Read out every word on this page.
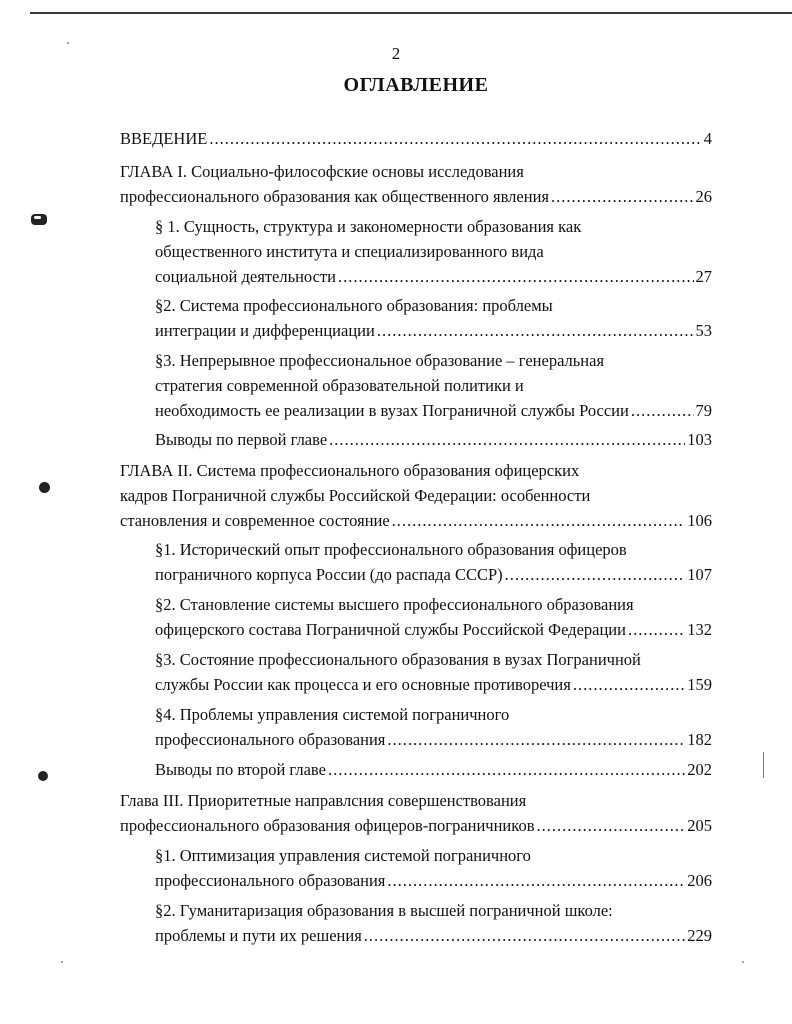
2
ОГЛАВЛЕНИЕ
ВВЕДЕНИЕ .....	4
ГЛАВА I. Социально-философские основы исследования
профессионального образования как общественного явления .....	26
§ 1. Сущность, структура и закономерности образования как
общественного института и специализированного вида
социальной деятельности .....	27
§2. Система профессионального образования: проблемы
интеграции и дифференциации .....	53
§3. Непрерывное профессиональное образование – генеральная
стратегия современной образовательной политики и
необходимость ее реализации в вузах Пограничной службы России .....	79
Выводы по первой главе .....	103
ГЛАВА II. Система профессионального образования офицерских
кадров Пограничной службы Российской Федерации: особенности
становления и современное состояние .....	106
§1. Исторический опыт профессионального образования офицеров
пограничного корпуса России (до распада СССР) .....	107
§2. Становление системы высшего профессионального образования
офицерского состава Пограничной службы Российской Федерации .....	132
§3. Состояние профессионального образования в вузах Пограничной
службы России как процесса и его основные противоречия .....	159
§4. Проблемы управления системой пограничного
профессионального образования .....	182
Выводы по второй главе .....	202
Глава III. Приоритетные направлсния совершенствования
профессионального образования офицеров-пограничников .....	205
§1. Оптимизация управления системой пограничного
профессионального образования .....	206
§2. Гуманитаризация образования в высшей пограничной школе:
проблемы и пути их решения .....	229
